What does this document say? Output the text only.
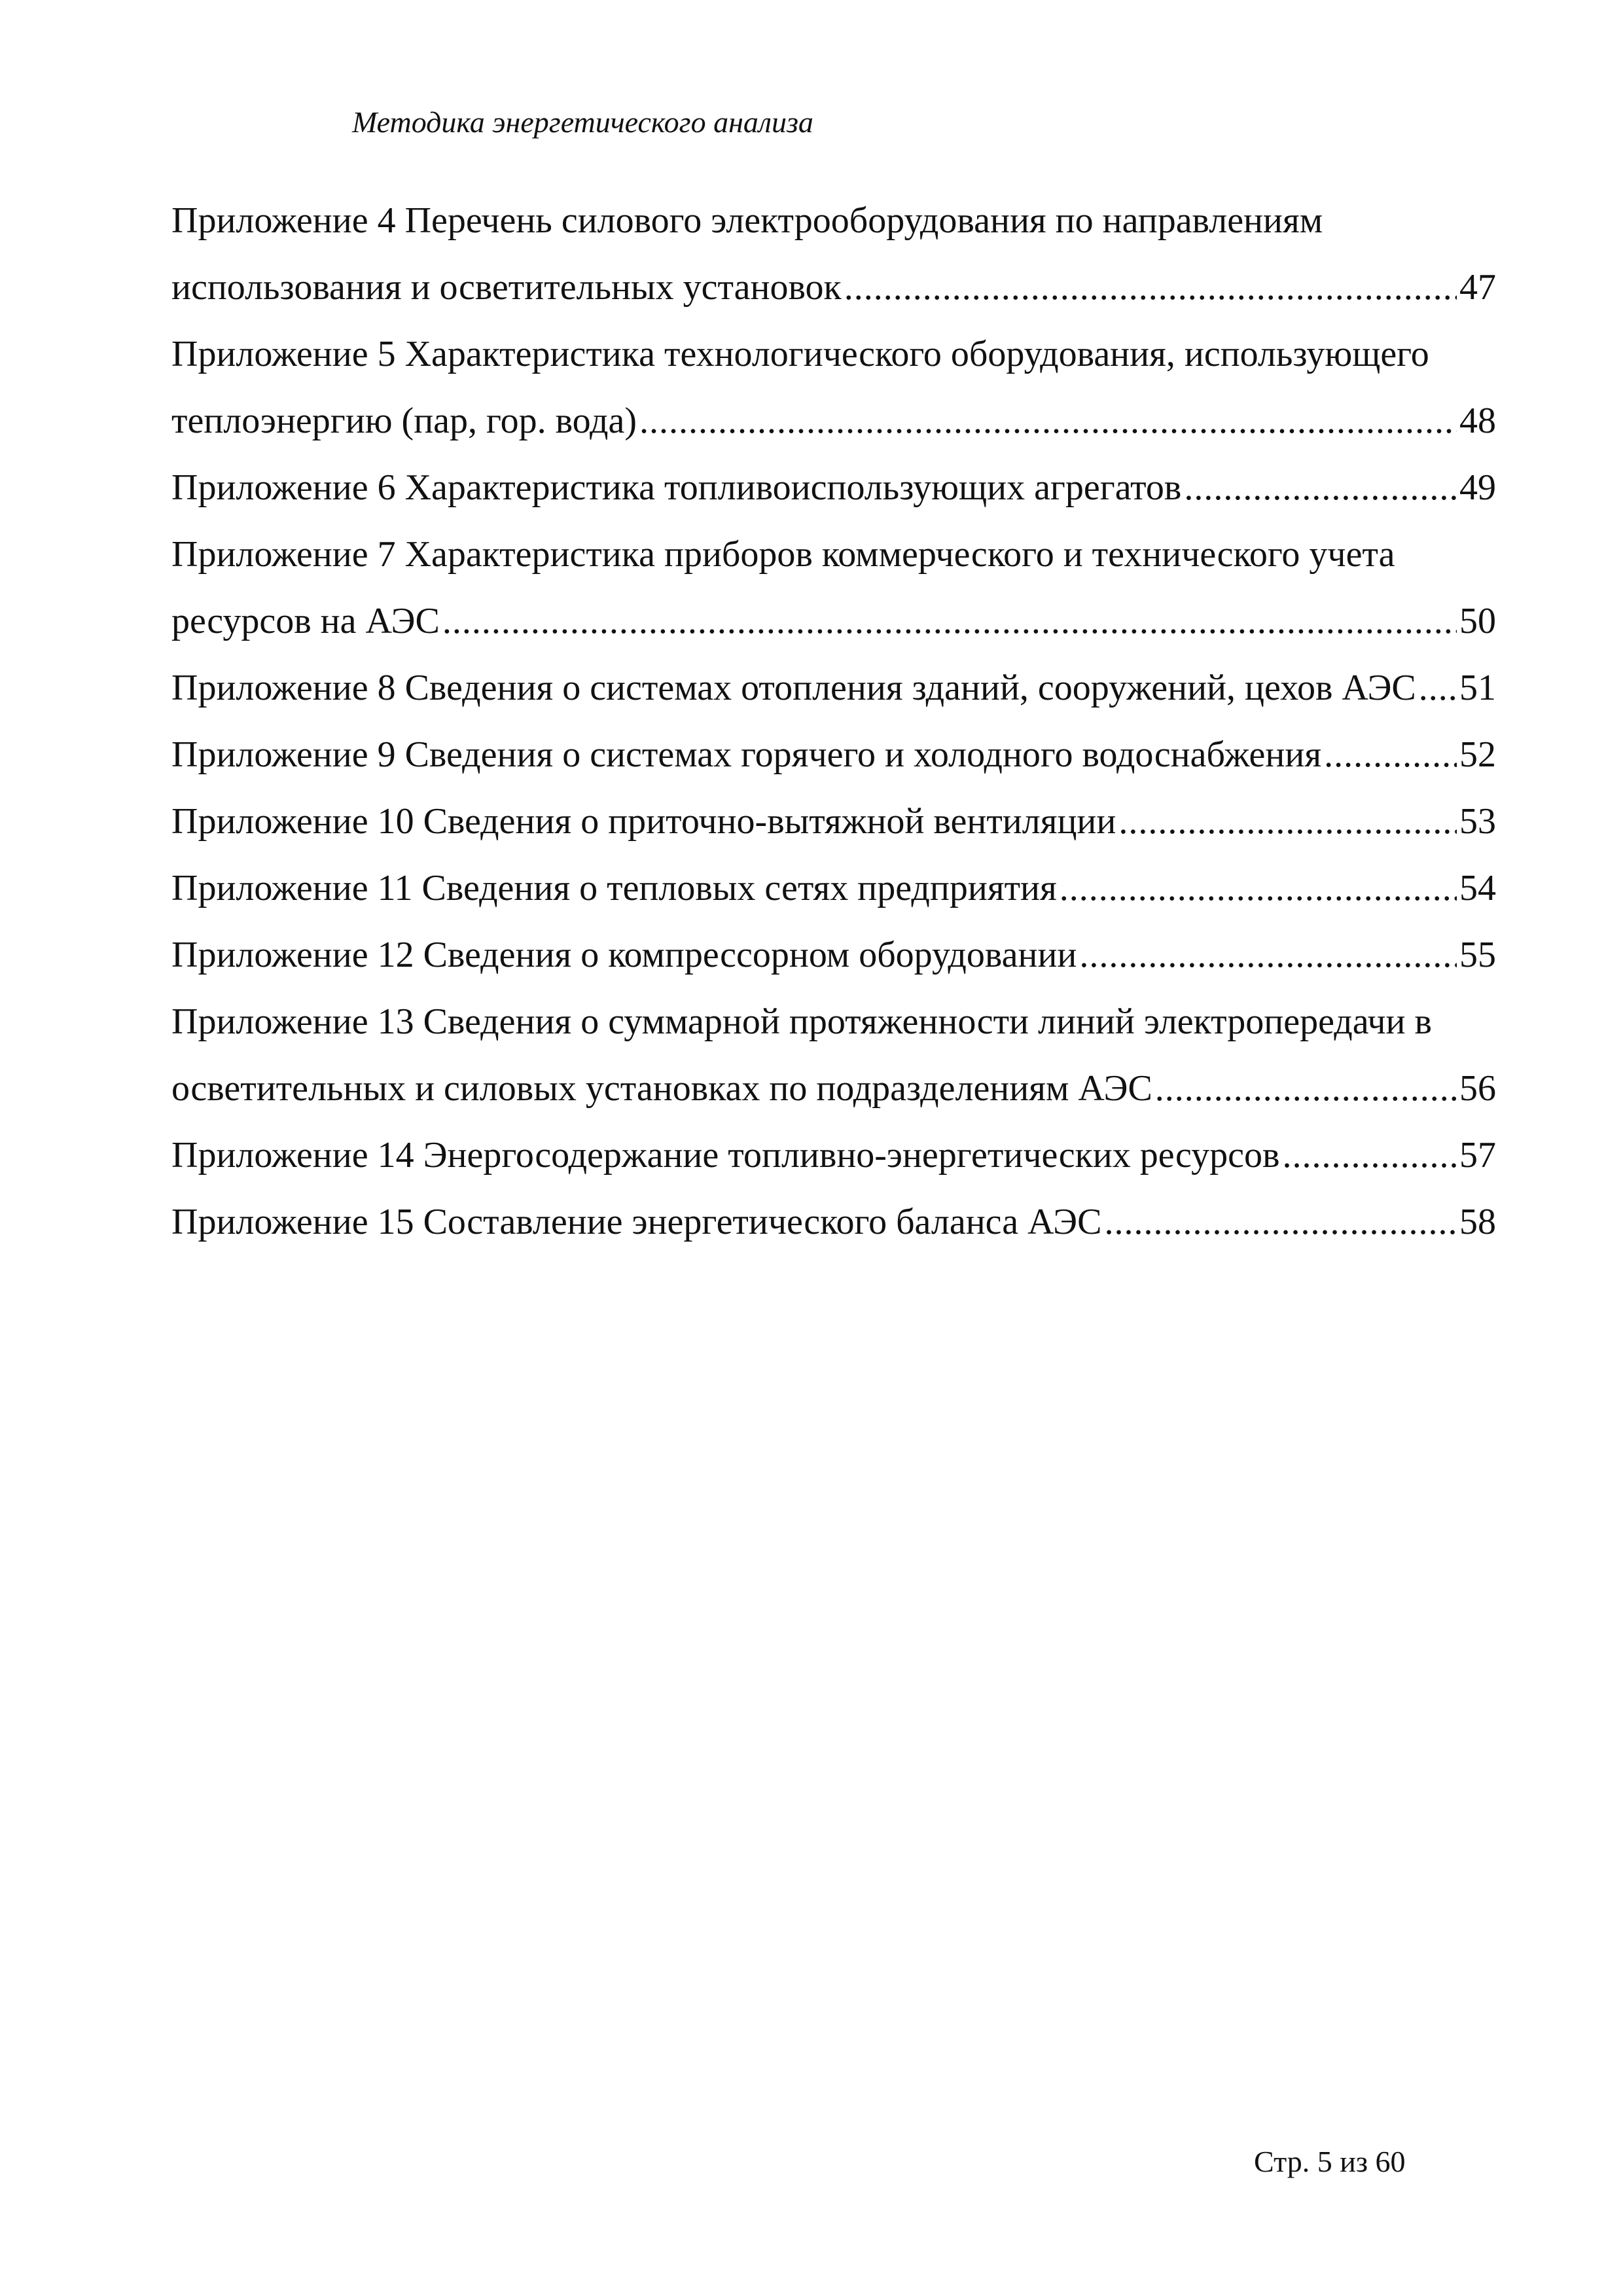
Методика энергетического анализа
Приложение 4 Перечень силового электрооборудования по направлениям
использования и осветительных установок .....	47
Приложение 5 Характеристика технологического оборудования, использующего
теплоэнергию (пар, гор. вода) .....	48
Приложение 6 Характеристика топливоиспользующих агрегатов .....	49
Приложение 7 Характеристика приборов коммерческого и технического учета
ресурсов на АЭС .....	50
Приложение 8 Сведения о системах отопления зданий, сооружений, цехов АЭС ..... 51
Приложение 9 Сведения о системах горячего и холодного водоснабжения .....	52
Приложение 10 Сведения о приточно-вытяжной вентиляции .....	53
Приложение 11 Сведения о тепловых сетях предприятия .....	54
Приложение 12 Сведения о компрессорном оборудовании .....	55
Приложение 13 Сведения о суммарной протяженности линий электропередачи в
осветительных и силовых установках по подразделениям АЭС .....	56
Приложение 14 Энергосодержание топливно-энергетических ресурсов .....	57
Приложение 15 Составление энергетического баланса АЭС .....	58
Стр. 5 из 60
